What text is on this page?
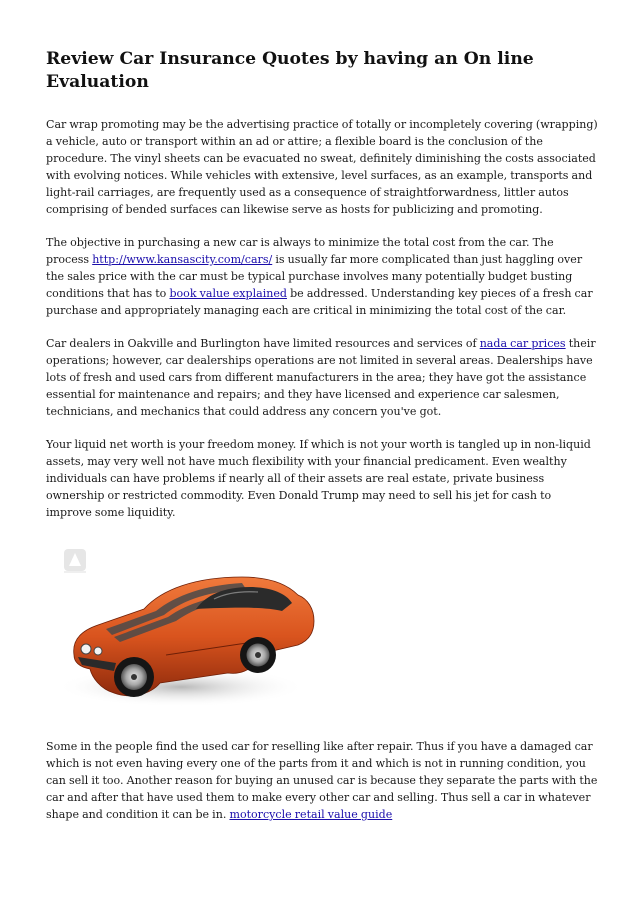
Review Car Insurance Quotes by having an On line Evaluation

Car wrap promoting may be the advertising practice of totally or incompletely covering (wrapping) a vehicle, auto or transport within an ad or attire; a flexible board is the conclusion of the procedure. The vinyl sheets can be evacuated no sweat, definitely diminishing the costs associated with evolving notices. While vehicles with extensive, level surfaces, as an example, transports and light-rail carriages, are frequently used as a consequence of straightforwardness, littler autos comprising of bended surfaces can likewise serve as hosts for publicizing and promoting.

The objective in purchasing a new car is always to minimize the total cost from the car. The process http://www.kansascity.com/cars/ is usually far more complicated than just haggling over the sales price with the car must be typical purchase involves many potentially budget busting conditions that has to book value explained be addressed. Understanding key pieces of a fresh car purchase and appropriately managing each are critical in minimizing the total cost of the car.

Car dealers in Oakville and Burlington have limited resources and services of nada car prices their operations; however, car dealerships operations are not limited in several areas. Dealerships have lots of fresh and used cars from different manufacturers in the area; they have got the assistance essential for maintenance and repairs; and they have licensed and experience car salesmen, technicians, and mechanics that could address any concern you've got.

Your liquid net worth is your freedom money. If which is not your worth is tangled up in non-liquid assets, may very well not have much flexibility with your financial predicament. Even wealthy individuals can have problems if nearly all of their assets are real estate, private business ownership or restricted commodity. Even Donald Trump may need to sell his jet for cash to improve some liquidity.

Some in the people find the used car for reselling like after repair. Thus if you have a damaged car which is not even having every one of the parts from it and which is not in running condition, you can sell it too. Another reason for buying an unused car is because they separate the parts with the car and after that have used them to make every other car and selling. Thus sell a car in whatever shape and condition it can be in. motorcycle retail value guide
